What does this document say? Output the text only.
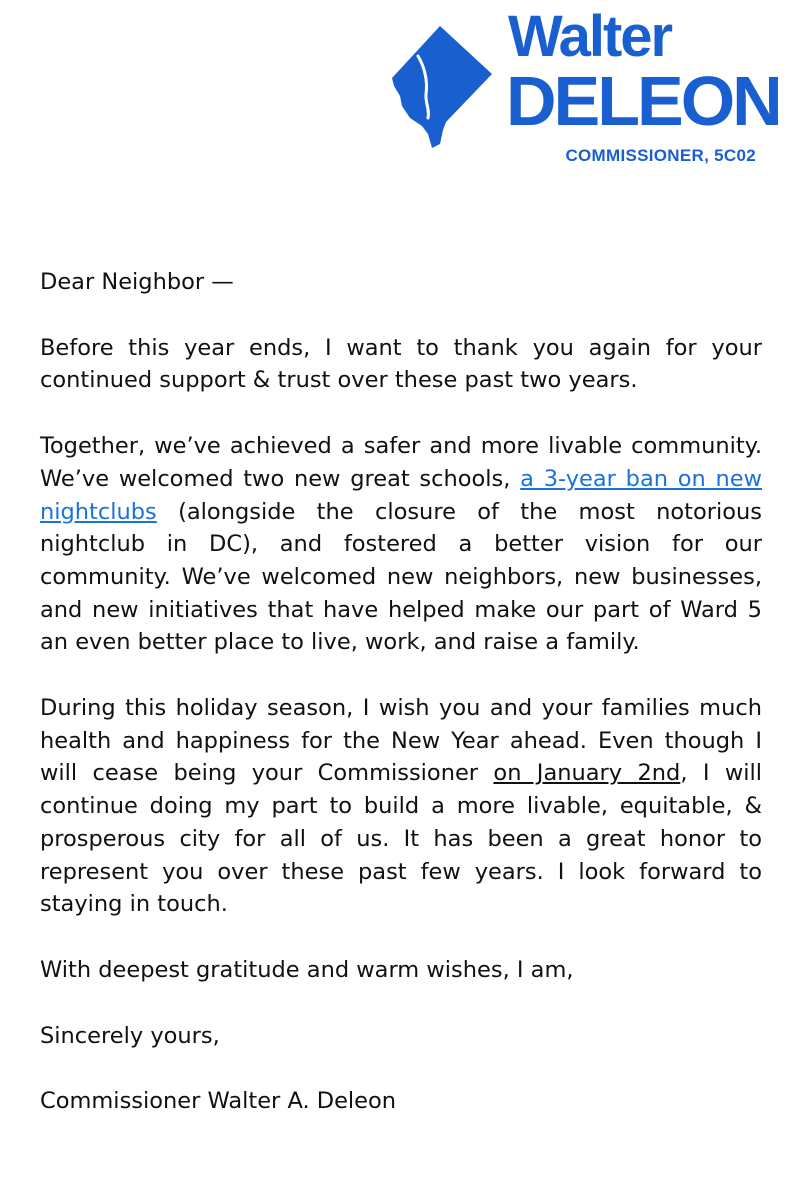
Walter
DELEON
COMMISSIONER, 5C02

Dear Neighbor —

Before this year ends, I want to thank you again for your continued support & trust over these past two years.

Together, we’ve achieved a safer and more livable community. We’ve welcomed two new great schools, a 3-year ban on new nightclubs (alongside the closure of the most notorious nightclub in DC), and fostered a better vision for our community. We’ve welcomed new neighbors, new businesses, and new initiatives that have helped make our part of Ward 5 an even better place to live, work, and raise a family.

During this holiday season, I wish you and your families much health and happiness for the New Year ahead. Even though I will cease being your Commissioner on January 2nd, I will continue doing my part to build a more livable, equitable, & prosperous city for all of us. It has been a great honor to represent you over these past few years. I look forward to staying in touch.

With deepest gratitude and warm wishes, I am,

Sincerely yours,

Commissioner Walter A. Deleon
